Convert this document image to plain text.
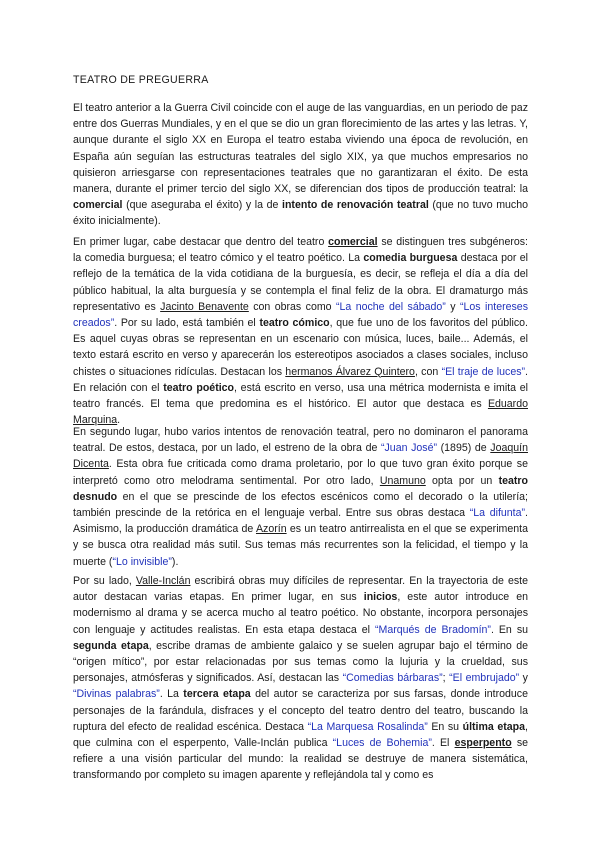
TEATRO DE PREGUERRA
El teatro anterior a la Guerra Civil coincide con el auge de las vanguardias, en un periodo de paz entre dos Guerras Mundiales, y en el que se dio un gran florecimiento de las artes y las letras. Y, aunque durante el siglo XX en Europa el teatro estaba viviendo una época de revolución, en España aún seguían las estructuras teatrales del siglo XIX, ya que muchos empresarios no quisieron arriesgarse con representaciones teatrales que no garantizaran el éxito. De esta manera, durante el primer tercio del siglo XX, se diferencian dos tipos de producción teatral: la comercial (que aseguraba el éxito) y la de intento de renovación teatral (que no tuvo mucho éxito inicialmente).
En primer lugar, cabe destacar que dentro del teatro comercial se distinguen tres subgéneros: la comedia burguesa; el teatro cómico y el teatro poético. La comedia burguesa destaca por el reflejo de la temática de la vida cotidiana de la burguesía, es decir, se refleja el día a día del público habitual, la alta burguesía y se contempla el final feliz de la obra. El dramaturgo más representativo es Jacinto Benavente con obras como “La noche del sábado” y “Los intereses creados”. Por su lado, está también el teatro cómico, que fue uno de los favoritos del público. Es aquel cuyas obras se representan en un escenario con música, luces, baile... Además, el texto estará escrito en verso y aparecerán los estereotipos asociados a clases sociales, incluso chistes o situaciones ridículas. Destacan los hermanos Álvarez Quintero, con “El traje de luces”. En relación con el teatro poético, está escrito en verso, usa una métrica modernista e imita el teatro francés. El tema que predomina es el histórico. El autor que destaca es Eduardo Marquina.
En segundo lugar, hubo varios intentos de renovación teatral, pero no dominaron el panorama teatral. De estos, destaca, por un lado, el estreno de la obra de “Juan José” (1895) de Joaquín Dicenta. Esta obra fue criticada como drama proletario, por lo que tuvo gran éxito porque se interpretó como otro melodrama sentimental. Por otro lado, Unamuno opta por un teatro desnudo en el que se prescinde de los efectos escénicos como el decorado o la utilería; también prescinde de la retórica en el lenguaje verbal. Entre sus obras destaca “La difunta”. Asimismo, la producción dramática de Azorín es un teatro antirrealista en el que se experimenta y se busca otra realidad más sutil. Sus temas más recurrentes son la felicidad, el tiempo y la muerte (“Lo invisible”).
Por su lado, Valle-Inclán escribirá obras muy difíciles de representar. En la trayectoria de este autor destacan varias etapas. En primer lugar, en sus inicios, este autor introduce en modernismo al drama y se acerca mucho al teatro poético. No obstante, incorpora personajes con lenguaje y actitudes realistas. En esta etapa destaca el “Marqués de Bradomín”. En su segunda etapa, escribe dramas de ambiente galaico y se suelen agrupar bajo el término de “origen mítico”, por estar relacionadas por sus temas como la lujuria y la crueldad, sus personajes, atmósferas y significados. Así, destacan las “Comedias bárbaras”; “El embrujado” y “Divinas palabras”. La tercera etapa del autor se caracteriza por sus farsas, donde introduce personajes de la farándula, disfraces y el concepto del teatro dentro del teatro, buscando la ruptura del efecto de realidad escénica. Destaca “La Marquesa Rosalinda” En su última etapa, que culmina con el esperpento, Valle-Inclán publica “Luces de Bohemia”. El esperpento se refiere a una visión particular del mundo: la realidad se destruye de manera sistemática, transformando por completo su imagen aparente y reflejándola tal y como es
